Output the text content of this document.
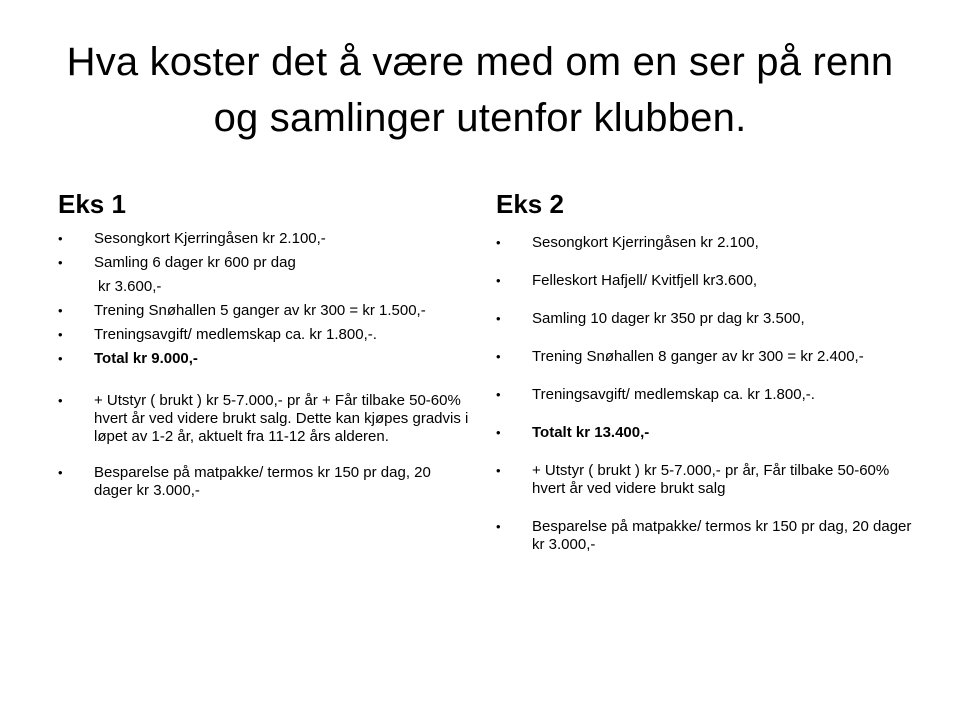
Hva koster det å være med om en ser på renn og samlinger utenfor klubben.
Eks 1
• Sesongkort Kjerringåsen kr 2.100,-
• Samling 6 dager kr 600 pr dag
kr 3.600,-
• Trening Snøhallen 5 ganger av kr 300 = kr 1.500,-
• Treningsavgift/ medlemskap ca. kr 1.800,-.
• Total kr 9.000,-
• + Utstyr ( brukt ) kr 5-7.000,- pr år + Får tilbake 50-60% hvert år ved videre brukt salg. Dette kan kjøpes gradvis i løpet av 1-2 år, aktuelt fra 11-12 års alderen.
• Besparelse på matpakke/ termos kr 150 pr dag, 20 dager kr 3.000,-
Eks 2
• Sesongkort Kjerringåsen kr 2.100,
• Felleskort Hafjell/ Kvitfjell kr3.600,
• Samling 10 dager kr 350 pr dag kr 3.500,
• Trening Snøhallen 8 ganger av kr 300 = kr 2.400,-
• Treningsavgift/ medlemskap ca. kr 1.800,-.
• Totalt kr 13.400,-
• + Utstyr ( brukt ) kr 5-7.000,- pr år, Får tilbake 50-60% hvert år ved videre brukt salg
• Besparelse på matpakke/ termos kr 150 pr dag, 20 dager kr 3.000,-
